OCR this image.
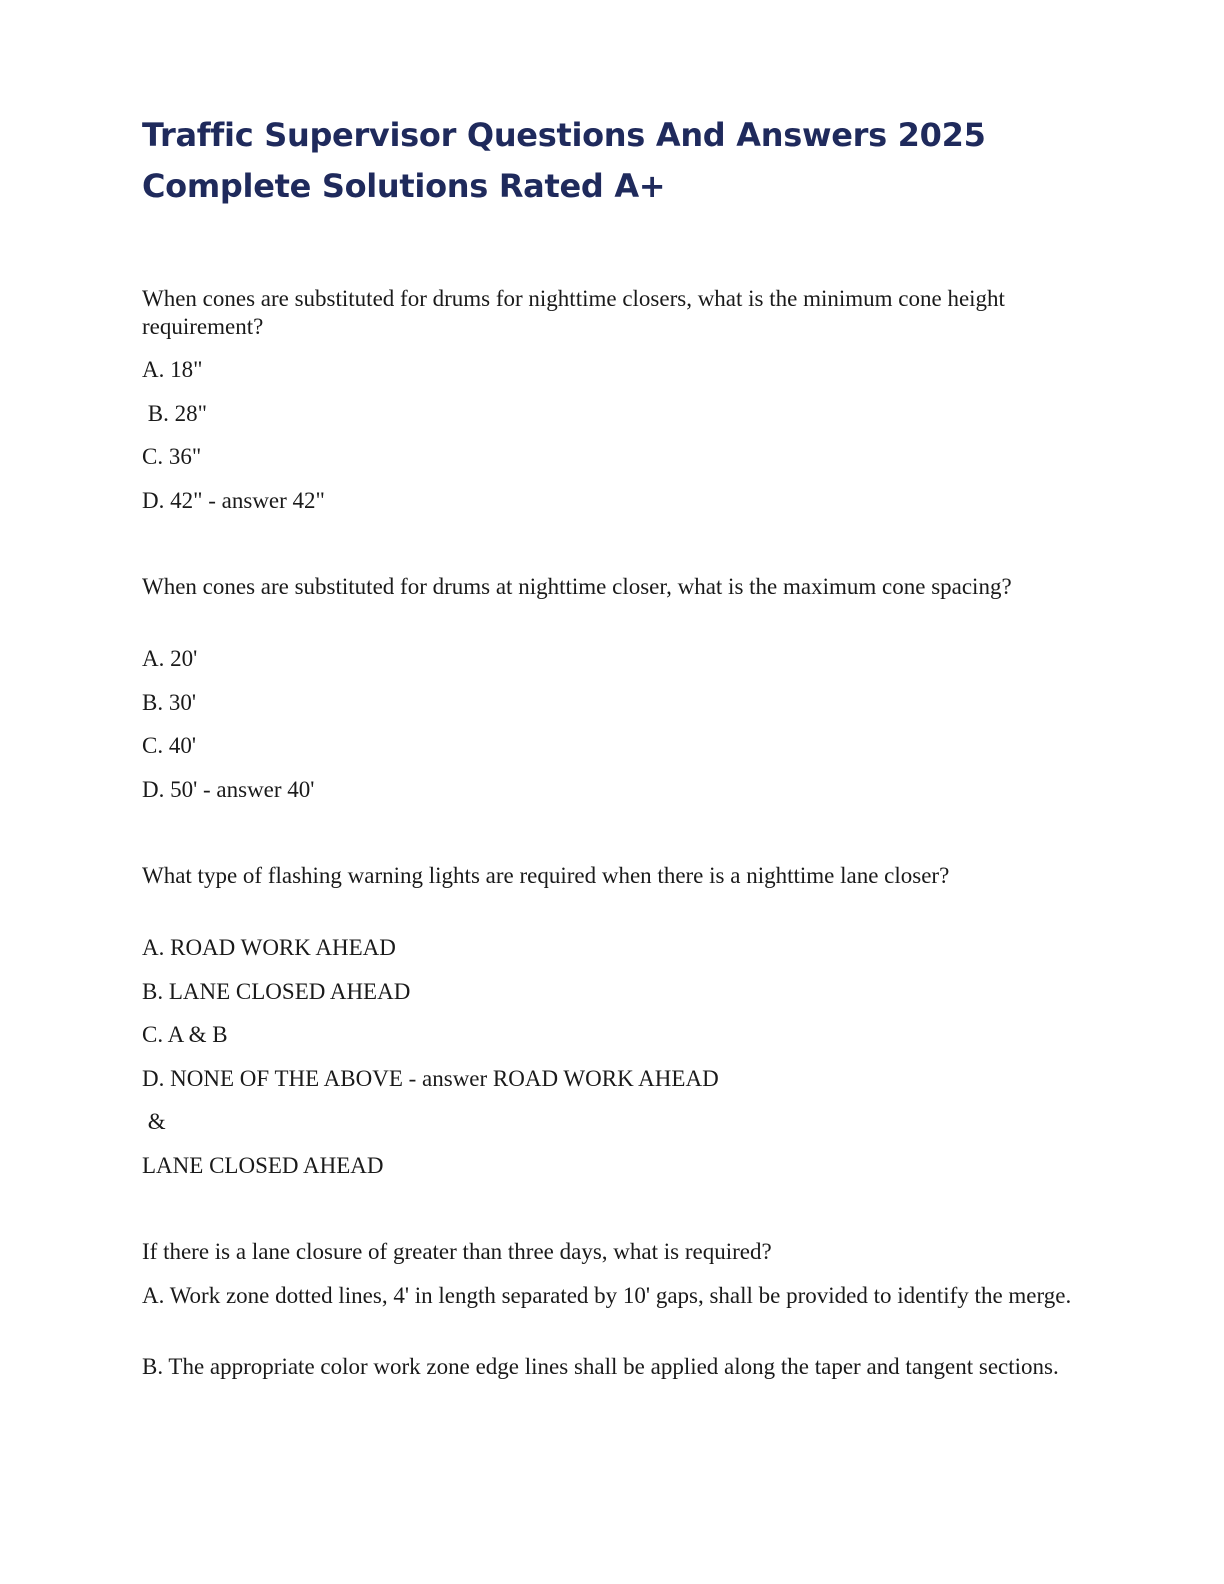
Traffic Supervisor Questions And Answers 2025
Complete Solutions Rated A+

When cones are substituted for drums for nighttime closers, what is the minimum cone height requirement?

A. 18"

B. 28"

C. 36"

D. 42" - answer 42"

When cones are substituted for drums at nighttime closer, what is the maximum cone spacing?

A. 20'

B. 30'

C. 40'

D. 50' - answer 40'

What type of flashing warning lights are required when there is a nighttime lane closer?

A. ROAD WORK AHEAD

B. LANE CLOSED AHEAD

C. A & B

D. NONE OF THE ABOVE - answer ROAD WORK AHEAD

&

LANE CLOSED AHEAD

If there is a lane closure of greater than three days, what is required?

A. Work zone dotted lines, 4' in length separated by 10' gaps, shall be provided to identify the merge.

B. The appropriate color work zone edge lines shall be applied along the taper and tangent sections.
